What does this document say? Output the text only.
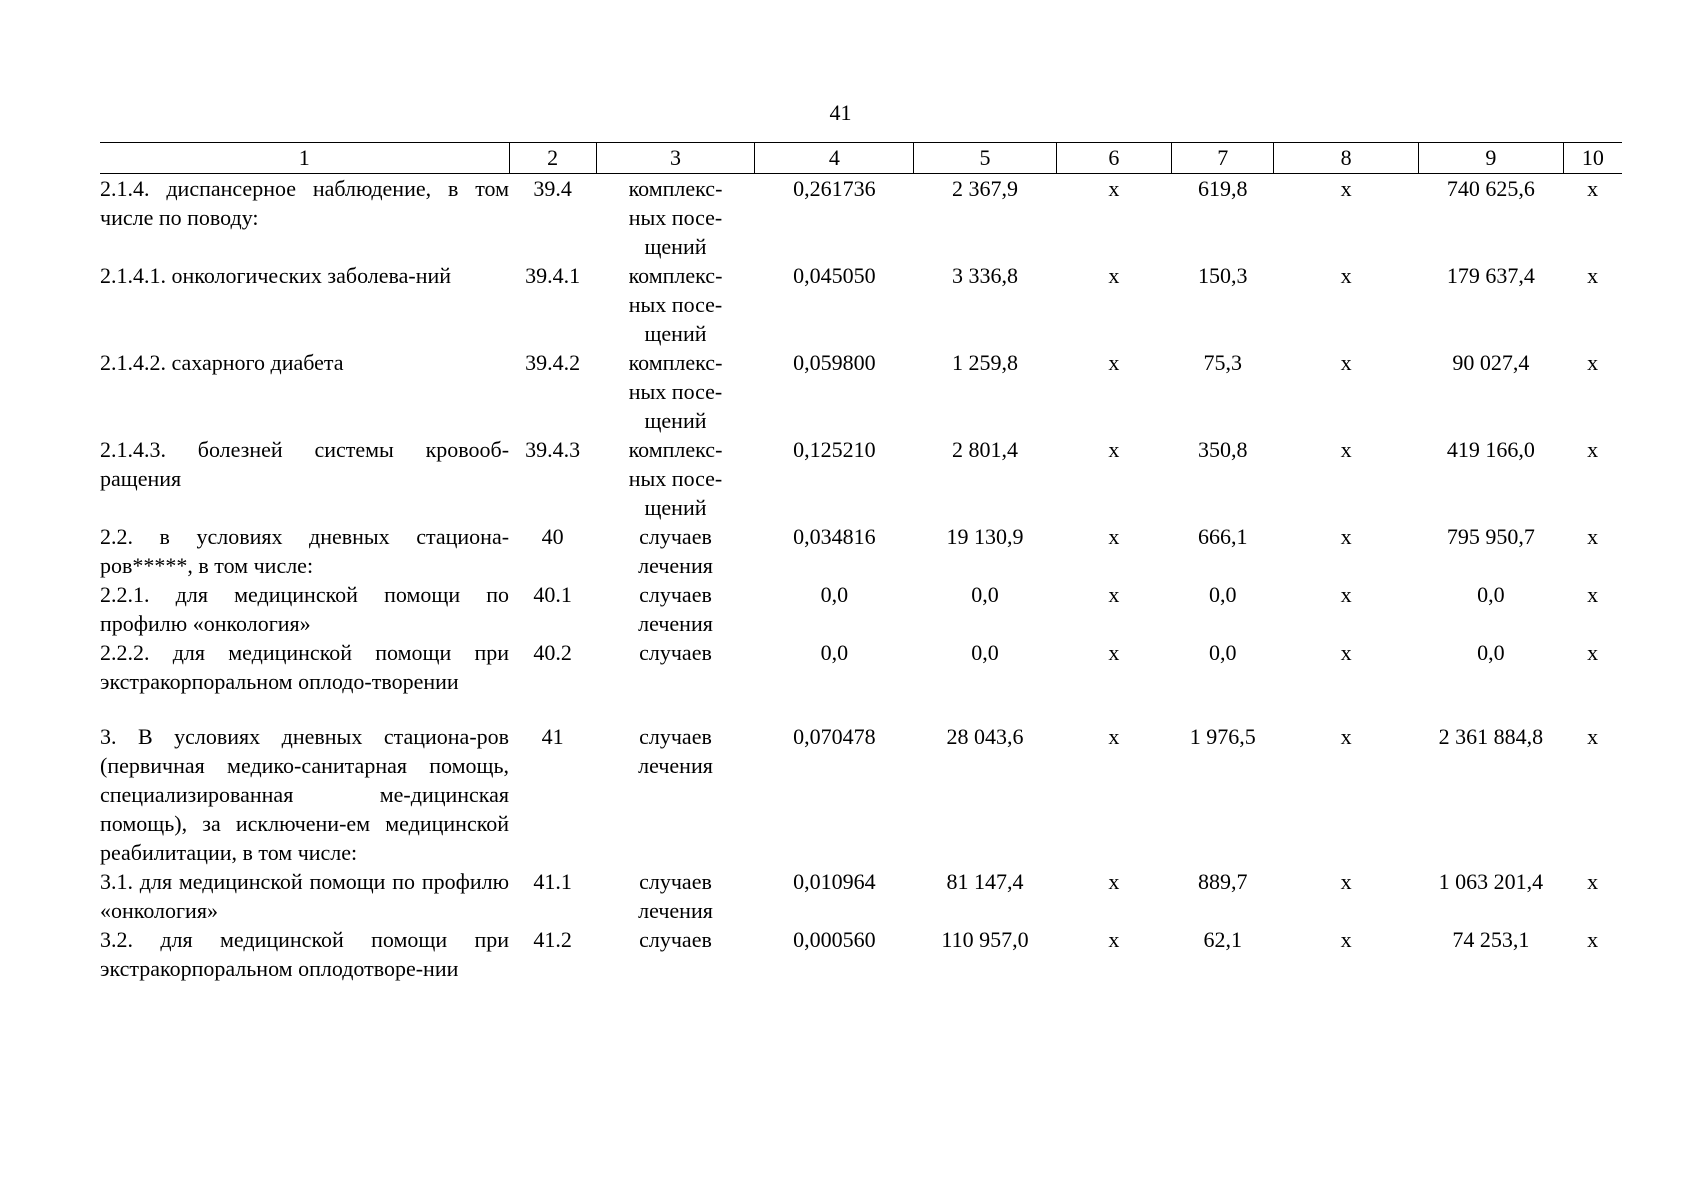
41
1	2	3	4	5	6	7	8	9	10
2.1.4. диспансерное наблюдение, в том числе по поводу:	39.4	комплекс-
ных посе-
щений	0,261736	2 367,9	х	619,8	х	740 625,6	х
2.1.4.1. онкологических заболева-ний	39.4.1	комплекс-
ных посе-
щений	0,045050	3 336,8	х	150,3	х	179 637,4	х
2.1.4.2. сахарного диабета	39.4.2	комплекс-
ных посе-
щений	0,059800	1 259,8	х	75,3	х	90 027,4	х
2.1.4.3. болезней системы кровооб-ращения	39.4.3	комплекс-
ных посе-
щений	0,125210	2 801,4	х	350,8	х	419 166,0	х
2.2. в условиях дневных стациона-ров*****, в том числе:	40	случаев
лечения	0,034816	19 130,9	х	666,1	х	795 950,7	х
2.2.1. для медицинской помощи по профилю «онкология»	40.1	случаев
лечения	0,0	0,0	х	0,0	х	0,0	х
2.2.2. для медицинской помощи при экстракорпоральном оплодо-творении	40.2	случаев	0,0	0,0	х	0,0	х	0,0	х

3. В условиях дневных стациона-ров (первичная медико-санитарная помощь, специализированная ме-дицинская помощь), за исключени-ем медицинской реабилитации, в том числе:	41	случаев
лечения	0,070478	28 043,6	х	1 976,5	х	2 361 884,8	х
3.1. для медицинской помощи по профилю «онкология»	41.1	случаев
лечения	0,010964	81 147,4	х	889,7	х	1 063 201,4	х
3.2. для медицинской помощи при экстракорпоральном оплодотворе-нии	41.2	случаев	0,000560	110 957,0	х	62,1	х	74 253,1	х
